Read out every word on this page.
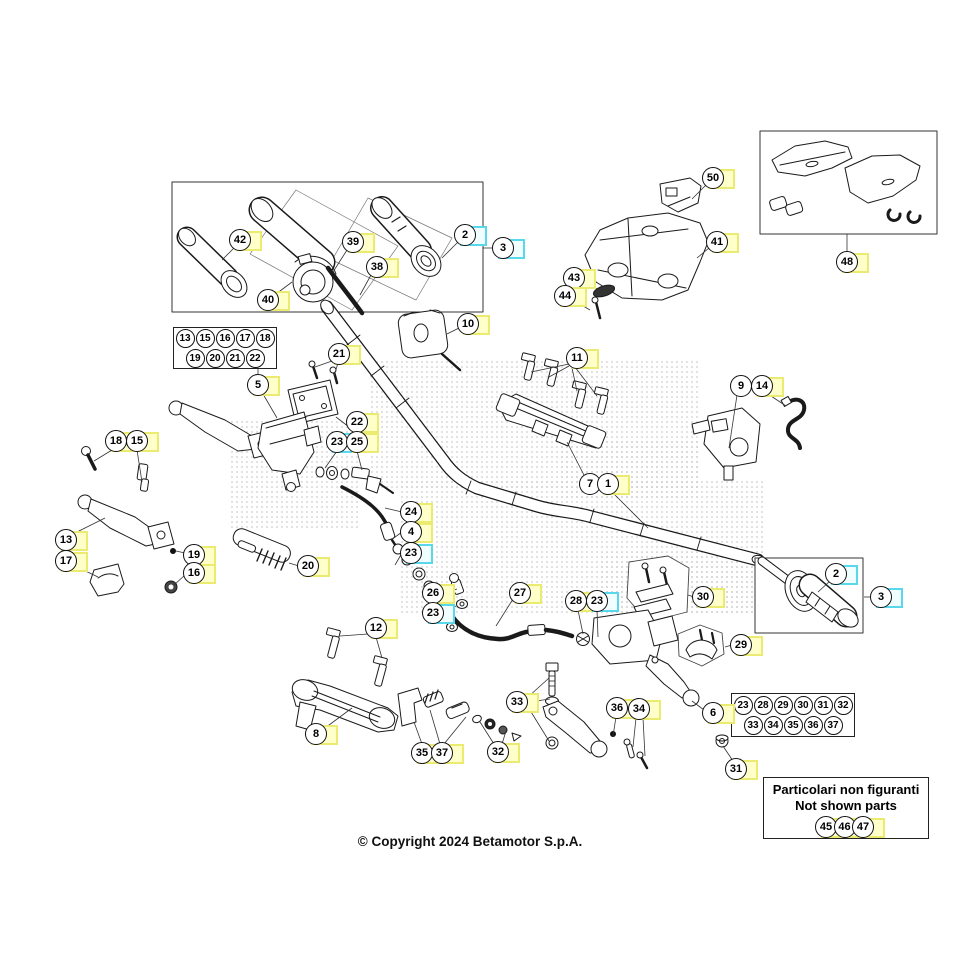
13 15 16 17 18
19 20 21 22
23 28 29 30 31 32
33 34 35 36 37
Particolari non figuranti
Not shown parts
45 46 47
© Copyright 2024 Betamotor S.p.A.
42	39
38
40
2
3
50
41
43
44
48
10
21
5
11
9	14
22
23 25
7	1
18 15
13
17	19
16
20
24
4
23
26
23
27
28 23	30
2
3
29
12
8
35 37	32
33	36 34	6
31
